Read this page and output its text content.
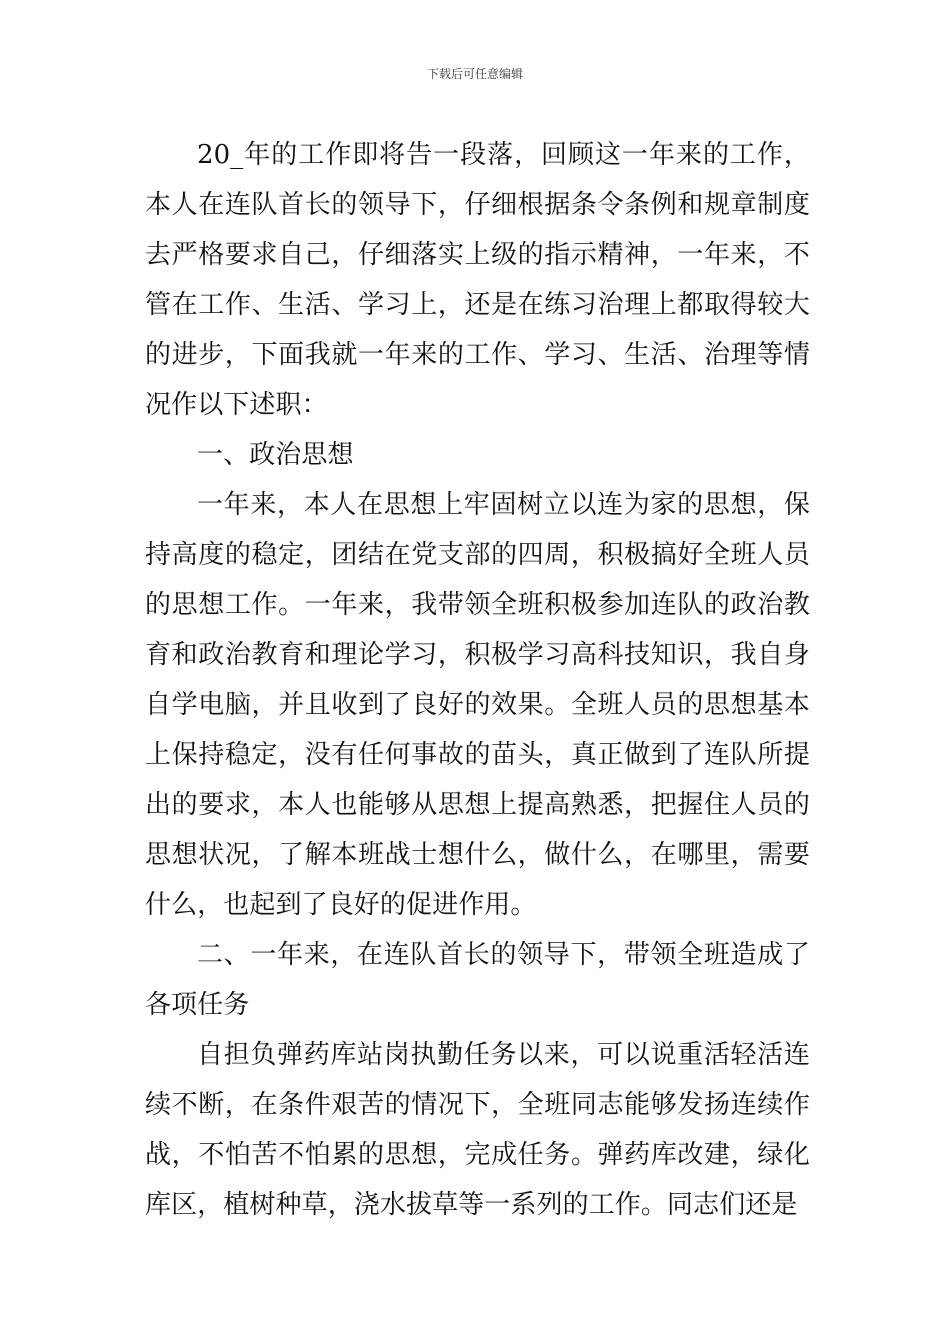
下载后可任意编辑

20_年的工作即将告一段落，回顾这一年来的工作，本人在连队首长的领导下，仔细根据条令条例和规章制度去严格要求自己，仔细落实上级的指示精神，一年来，不管在工作、生活、学习上，还是在练习治理上都取得较大的进步，下面我就一年来的工作、学习、生活、治理等情况作以下述职：

一、政治思想

一年来，本人在思想上牢固树立以连为家的思想，保持高度的稳定，团结在党支部的四周，积极搞好全班人员的思想工作。一年来，我带领全班积极参加连队的政治教育和政治教育和理论学习，积极学习高科技知识，我自身自学电脑，并且收到了良好的效果。全班人员的思想基本上保持稳定，没有任何事故的苗头，真正做到了连队所提出的要求，本人也能够从思想上提高熟悉，把握住人员的思想状况，了解本班战士想什么，做什么，在哪里，需要什么，也起到了良好的促进作用。

二、一年来，在连队首长的领导下，带领全班造成了各项任务

自担负弹药库站岗执勤任务以来，可以说重活轻活连续不断，在条件艰苦的情况下，全班同志能够发扬连续作战，不怕苦不怕累的思想，完成任务。弹药库改建，绿化库区，植树种草，浇水拔草等一系列的工作。同志们还是
